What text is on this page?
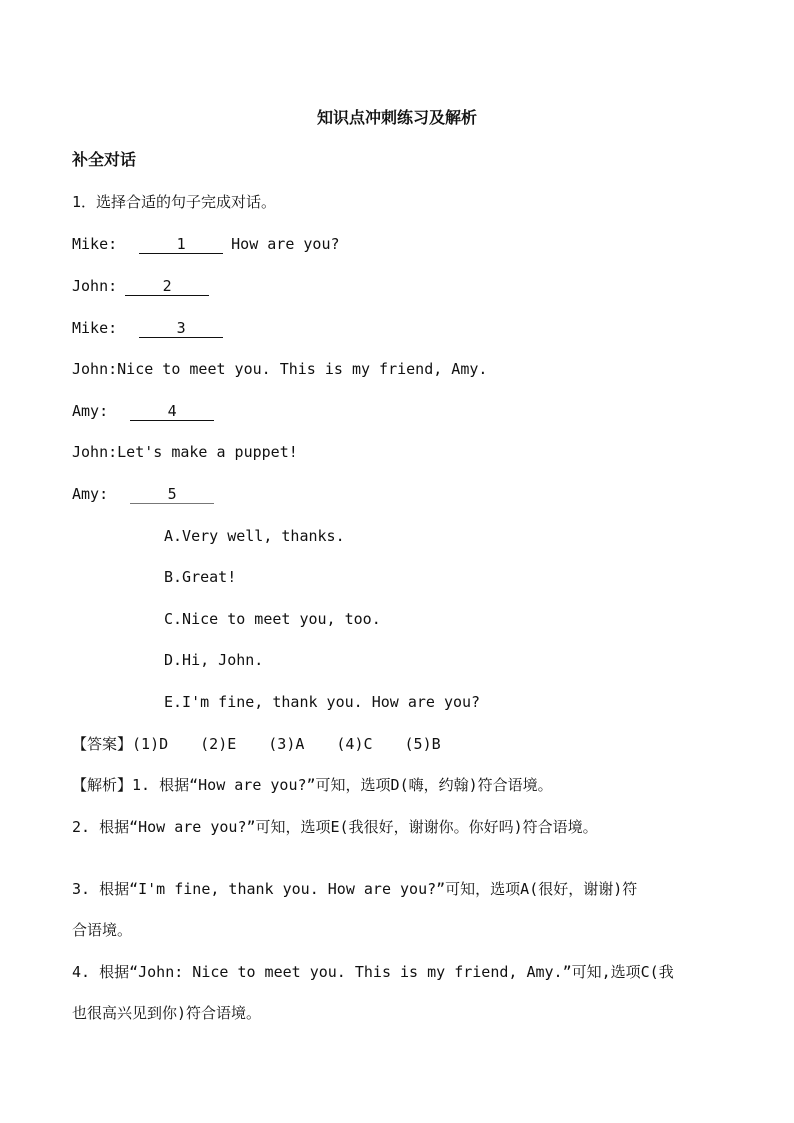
知识点冲刺练习及解析
补全对话
1．选择合适的句子完成对话。
Mike:	1	How are you?
John:	2
Mike:	3
John:Nice to meet you. This is my friend, Amy.
Amy:	4
John:Let's make a puppet!
Amy:	5
A.Very well, thanks.
B.Great!
C.Nice to meet you, too.
D.Hi, John.
E.I'm fine, thank you. How are you?
【答案】(1)D (2)E (3)A (4)C (5)B
【解析】1. 根据“How are you?”可知，选项D(嗨，约翰)符合语境。
2. 根据“How are you?”可知，选项E(我很好，谢谢你。你好吗)符合语境。
3. 根据“I'm fine, thank you. How are you?”可知，选项A(很好，谢谢)符
合语境。
4. 根据“John: Nice to meet you. This is my friend, Amy.”可知,选项C(我
也很高兴见到你)符合语境。
